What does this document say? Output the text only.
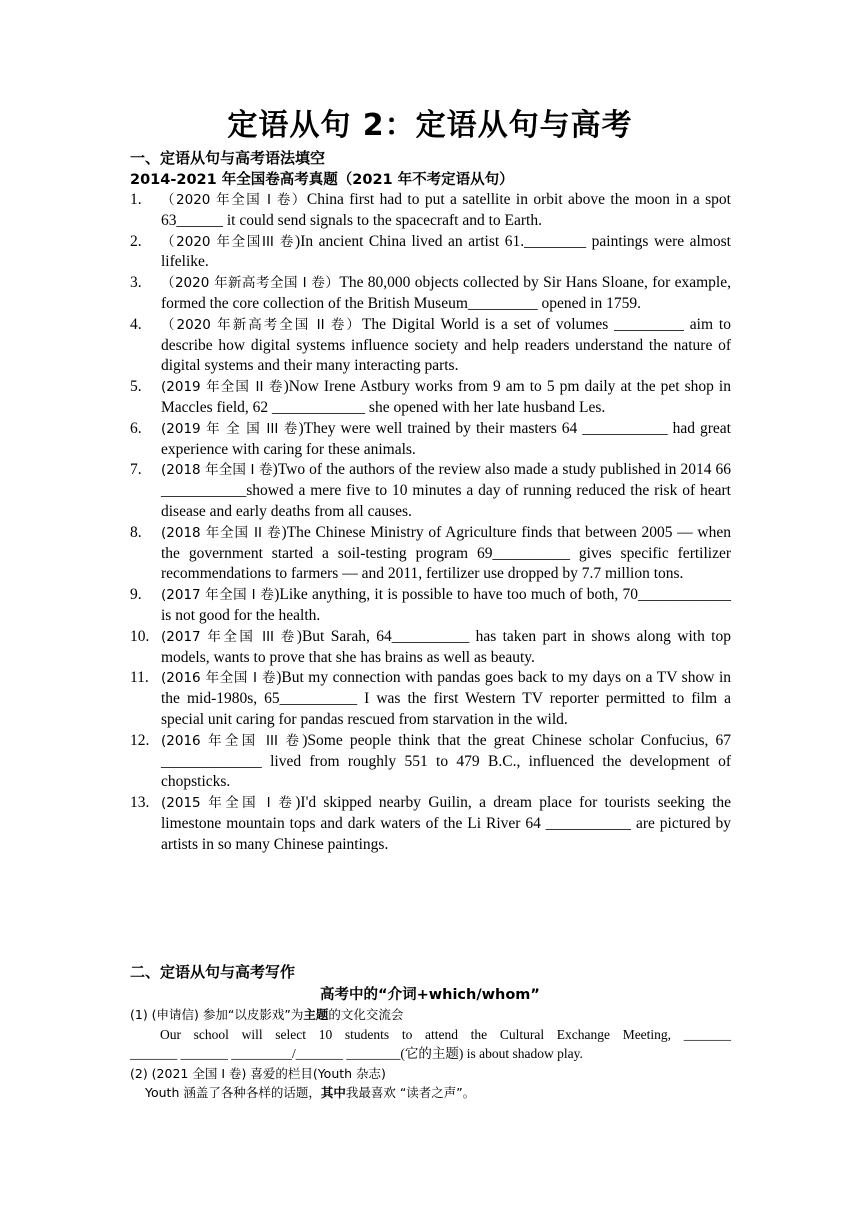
定语从句 2：定语从句与高考
一、定语从句与高考语法填空
2014-2021 年全国卷高考真题（2021 年不考定语从句）
1.	（2020 年全国 I 卷）China first had to put a satellite in orbit above the moon in a spot 63______ it could send signals to the spacecraft and to Earth.
2.	（2020 年全国III 卷)In ancient China lived an artist 61.________ paintings were almost lifelike.
3.	（2020 年新高考全国 I 卷）The 80,000 objects collected by Sir Hans Sloane, for example, formed the core collection of the British Museum_________ opened in 1759.
4.	（2020 年新高考全国 II 卷）The Digital World is a set of volumes _________ aim to describe how digital systems influence society and help readers understand the nature of digital systems and their many interacting parts.
5.	(2019 年全国 II 卷)Now Irene Astbury works from 9 am to 5 pm daily at the pet shop in Maccles field, 62 ____________ she opened with her late husband Les.
6.	(2019 年 全 国 III 卷)They were well trained by their masters 64 ___________ had great experience with caring for these animals.
7.	(2018 年全国 I 卷)Two of the authors of the review also made a study published in 2014 66 ___________showed a mere five to 10 minutes a day of running reduced the risk of heart disease and early deaths from all causes.
8.	(2018 年全国 II 卷)The Chinese Ministry of Agriculture finds that between 2005 — when the government started a soil-testing program 69__________ gives specific fertilizer recommendations to farmers — and 2011, fertilizer use dropped by 7.7 million tons.
9.	(2017 年全国 I 卷)Like anything, it is possible to have too much of both, 70____________ is not good for the health.
10. (2017 年全国 III 卷)But Sarah, 64__________ has taken part in shows along with top models, wants to prove that she has brains as well as beauty.
11. (2016 年全国 I 卷)But my connection with pandas goes back to my days on a TV show in the mid-1980s, 65__________ I was the first Western TV reporter permitted to film a special unit caring for pandas rescued from starvation in the wild.
12. (2016 年全国 III 卷)Some people think that the great Chinese scholar Confucius, 67 _____________ lived from roughly 551 to 479 B.C., influenced the development of chopsticks.
13. (2015 年全国 I 卷)I'd skipped nearby Guilin, a dream place for tourists seeking the limestone mountain tops and dark waters of the Li River 64 ___________ are pictured by artists in so many Chinese paintings.
二、定语从句与高考写作
高考中的“介词+which/whom”
(1) (申请信) 参加“以皮影戏”为主题的文化交流会
Our school will select 10 students to attend the Cultural Exchange Meeting, _______
_______ _______ _________/_______ ________(它的主题) is about shadow play.
(2) (2021 全国 I 卷) 喜爱的栏目(Youth 杂志)
Youth 涵盖了各种各样的话题，其中我最喜欢 “读者之声”。
